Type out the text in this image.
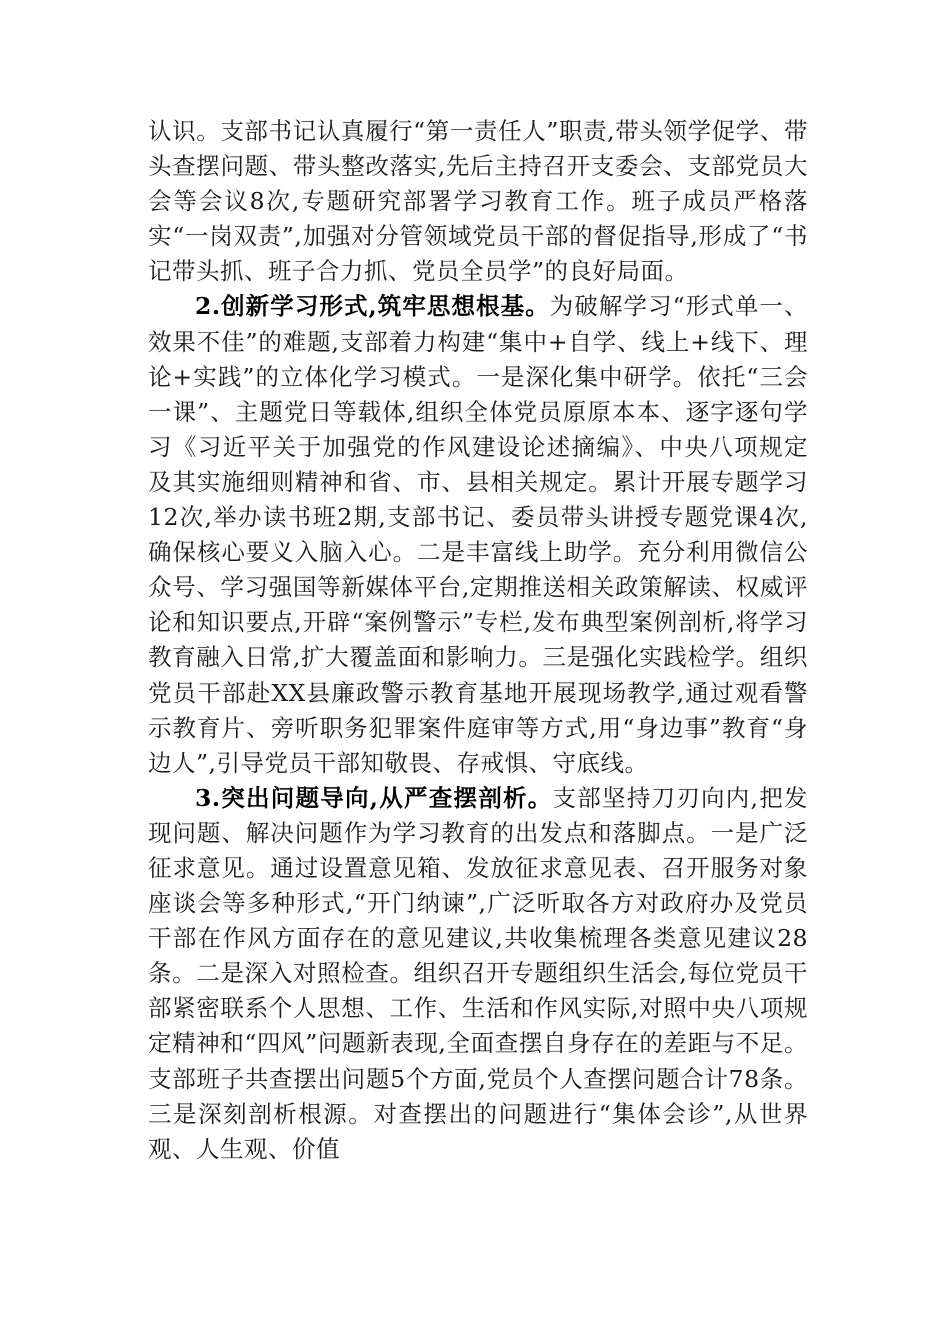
认识。支部书记认真履行“第一责任人”职责,带头领学促学、带头查摆问题、带头整改落实,先后主持召开支委会、支部党员大会等会议8次,专题研究部署学习教育工作。班子成员严格落实“一岗双责”,加强对分管领域党员干部的督促指导,形成了“书记带头抓、班子合力抓、党员全员学”的良好局面。

2.创新学习形式,筑牢思想根基。为破解学习“形式单一、效果不佳”的难题,支部着力构建“集中+自学、线上+线下、理论+实践”的立体化学习模式。一是深化集中研学。依托“三会一课”、主题党日等载体,组织全体党员原原本本、逐字逐句学习《习近平关于加强党的作风建设论述摘编》、中央八项规定及其实施细则精神和省、市、县相关规定。累计开展专题学习12次,举办读书班2期,支部书记、委员带头讲授专题党课4次,确保核心要义入脑入心。二是丰富线上助学。充分利用微信公众号、学习强国等新媒体平台,定期推送相关政策解读、权威评论和知识要点,开辟“案例警示”专栏,发布典型案例剖析,将学习教育融入日常,扩大覆盖面和影响力。三是强化实践检学。组织党员干部赴XX县廉政警示教育基地开展现场教学,通过观看警示教育片、旁听职务犯罪案件庭审等方式,用“身边事”教育“身边人”,引导党员干部知敬畏、存戒惧、守底线。

3.突出问题导向,从严查摆剖析。支部坚持刀刃向内,把发现问题、解决问题作为学习教育的出发点和落脚点。一是广泛征求意见。通过设置意见箱、发放征求意见表、召开服务对象座谈会等多种形式,“开门纳谏”,广泛听取各方对政府办及党员干部在作风方面存在的意见建议,共收集梳理各类意见建议28条。二是深入对照检查。组织召开专题组织生活会,每位党员干部紧密联系个人思想、工作、生活和作风实际,对照中央八项规定精神和“四风”问题新表现,全面查摆自身存在的差距与不足。支部班子共查摆出问题5个方面,党员个人查摆问题合计78条。三是深刻剖析根源。对查摆出的问题进行“集体会诊”,从世界观、人生观、价值
